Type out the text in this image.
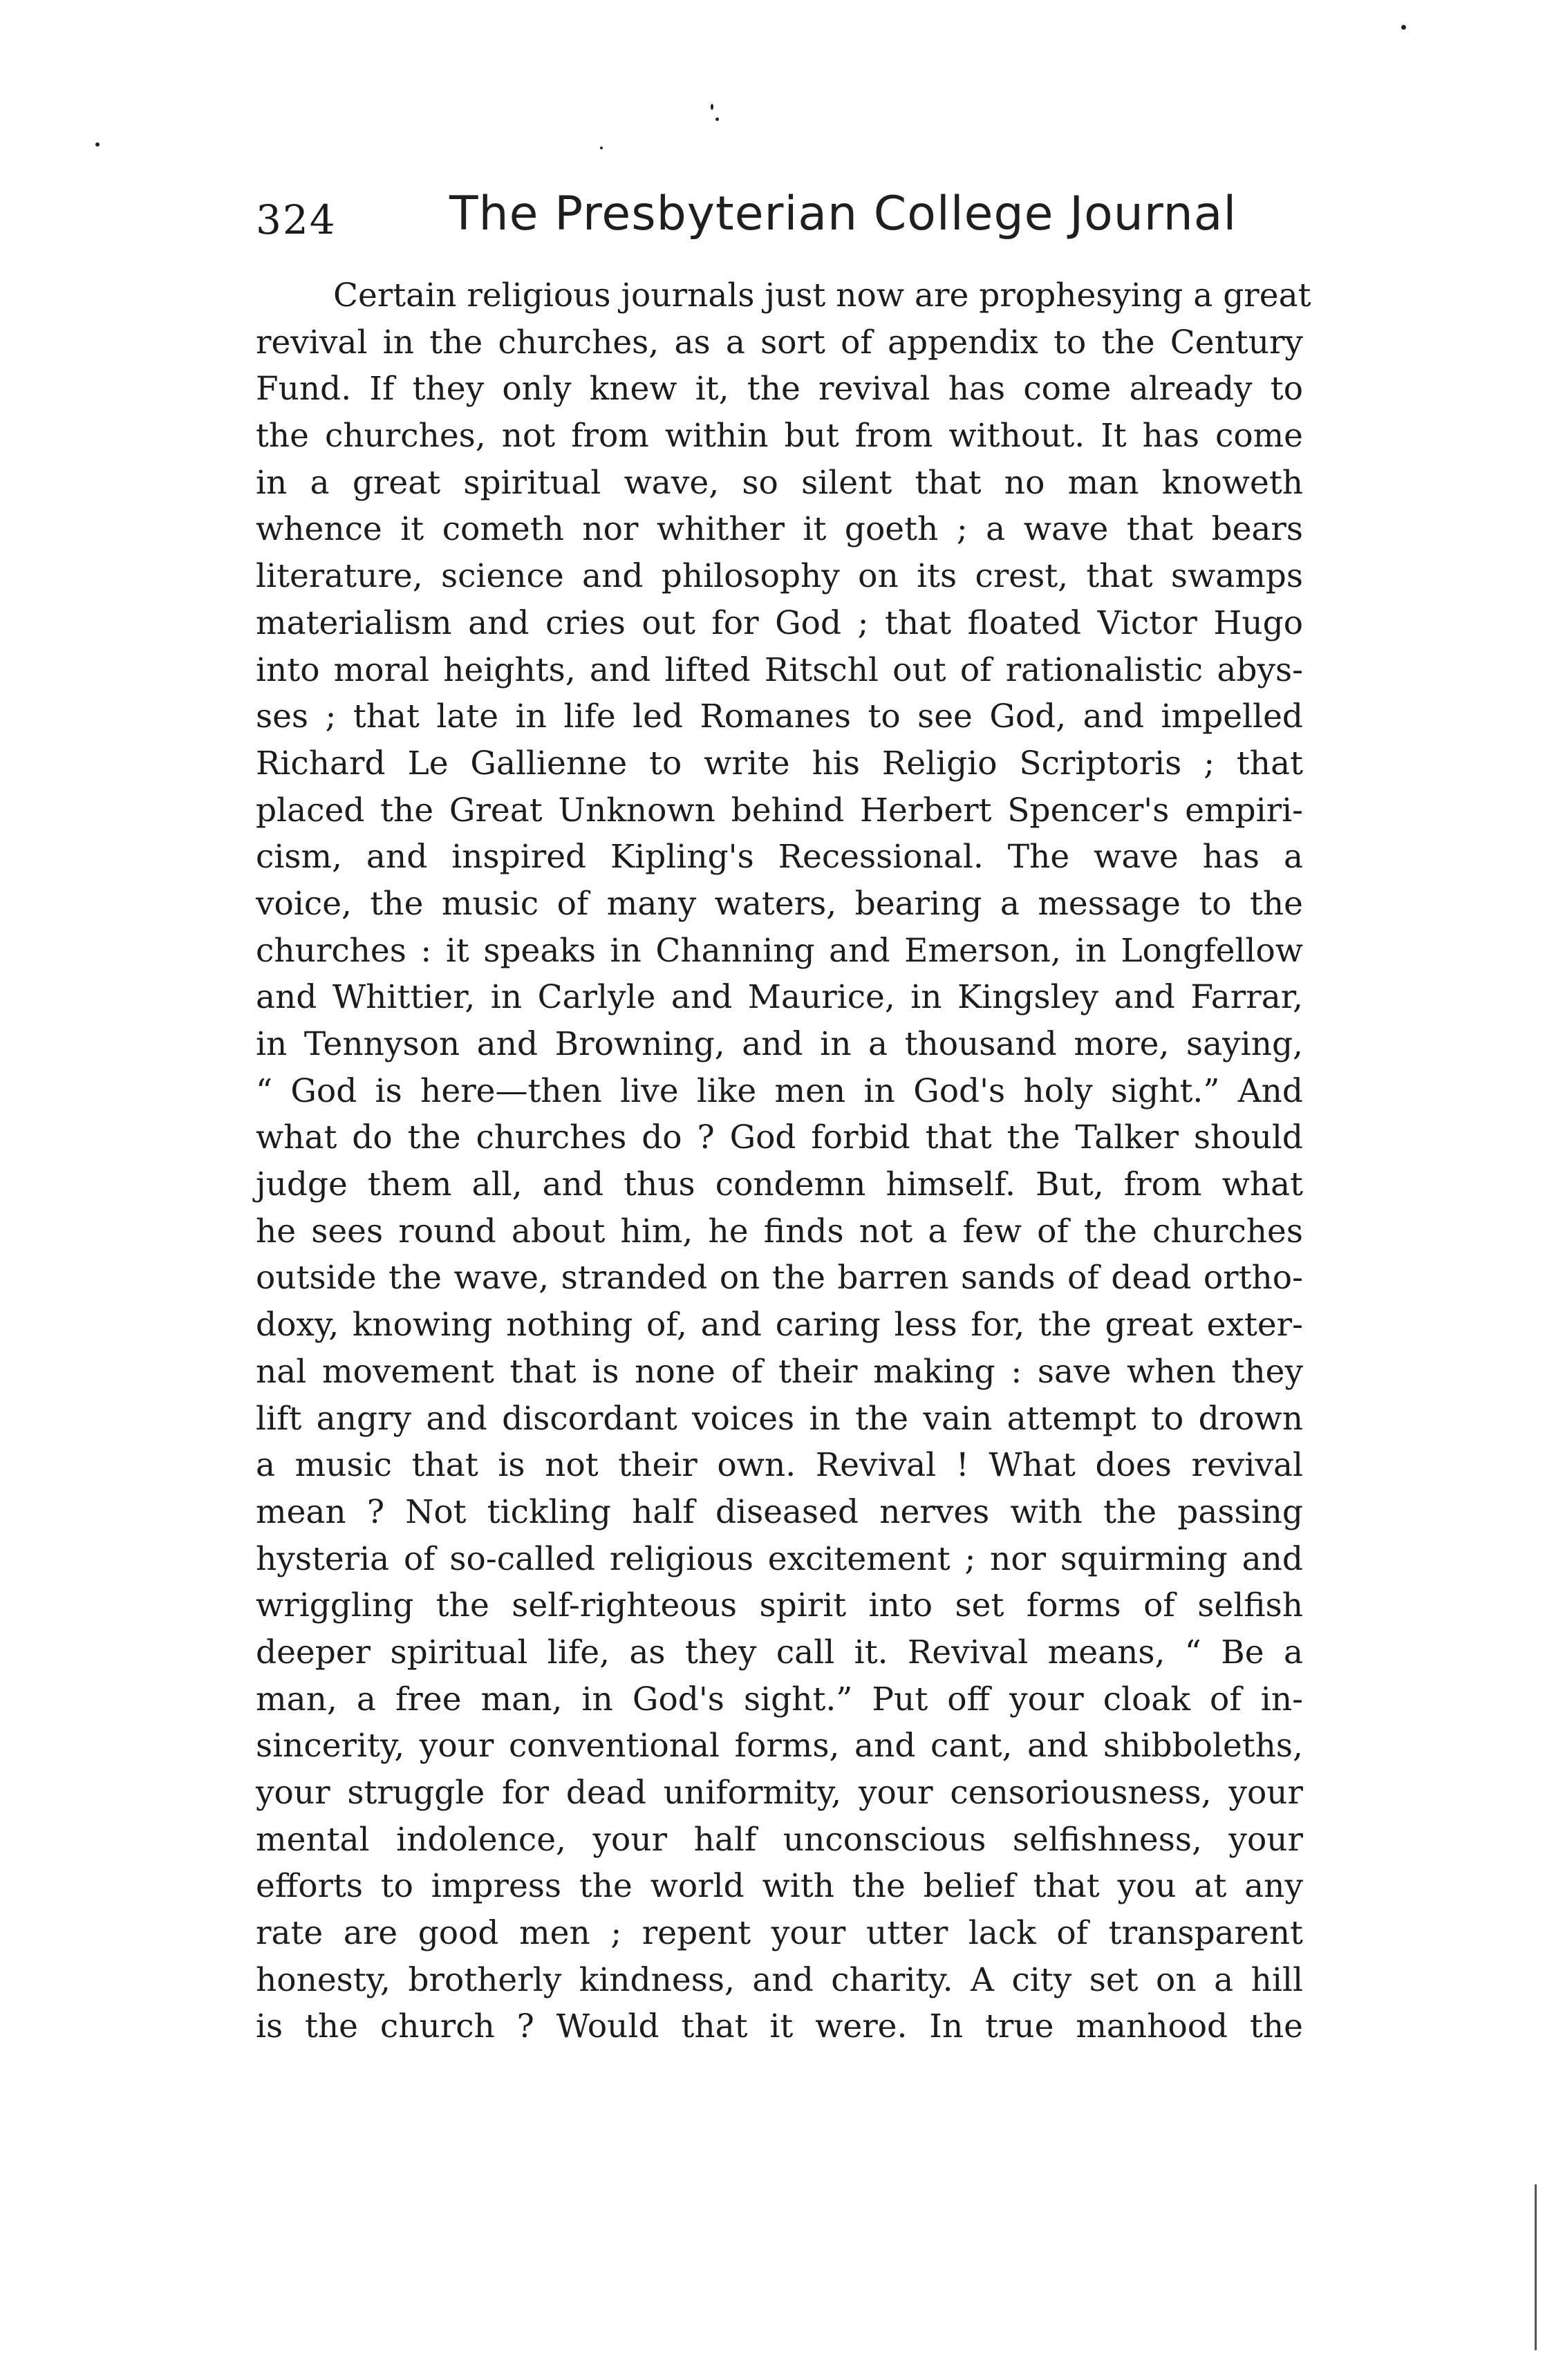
324 The Presbyterian College Journal
Certain religious journals just now are prophesying a great
revival in the churches, as a sort of appendix to the Century
Fund. If they only knew it, the revival has come already to
the churches, not from within but from without. It has come
in a great spiritual wave, so silent that no man knoweth
whence it cometh nor whither it goeth ; a wave that bears
literature, science and philosophy on its crest, that swamps
materialism and cries out for God ; that floated Victor Hugo
into moral heights, and lifted Ritschl out of rationalistic abys-
ses ; that late in life led Romanes to see God, and impelled
Richard Le Gallienne to write his Religio Scriptoris ; that
placed the Great Unknown behind Herbert Spencer's empiri-
cism, and inspired Kipling's Recessional. The wave has a
voice, the music of many waters, bearing a message to the
churches : it speaks in Channing and Emerson, in Longfellow
and Whittier, in Carlyle and Maurice, in Kingsley and Farrar,
in Tennyson and Browning, and in a thousand more, saying,
“ God is here—then live like men in God's holy sight.” And
what do the churches do ? God forbid that the Talker should
judge them all, and thus condemn himself. But, from what
he sees round about him, he finds not a few of the churches
outside the wave, stranded on the barren sands of dead ortho-
doxy, knowing nothing of, and caring less for, the great exter-
nal movement that is none of their making : save when they
lift angry and discordant voices in the vain attempt to drown
a music that is not their own. Revival ! What does revival
mean ? Not tickling half diseased nerves with the passing
hysteria of so-called religious excitement ; nor squirming and
wriggling the self-righteous spirit into set forms of selfish
deeper spiritual life, as they call it. Revival means, “ Be a
man, a free man, in God's sight.” Put off your cloak of in-
sincerity, your conventional forms, and cant, and shibboleths,
your struggle for dead uniformity, your censoriousness, your
mental indolence, your half unconscious selfishness, your
efforts to impress the world with the belief that you at any
rate are good men ; repent your utter lack of transparent
honesty, brotherly kindness, and charity. A city set on a hill
is the church ? Would that it were. In true manhood the
